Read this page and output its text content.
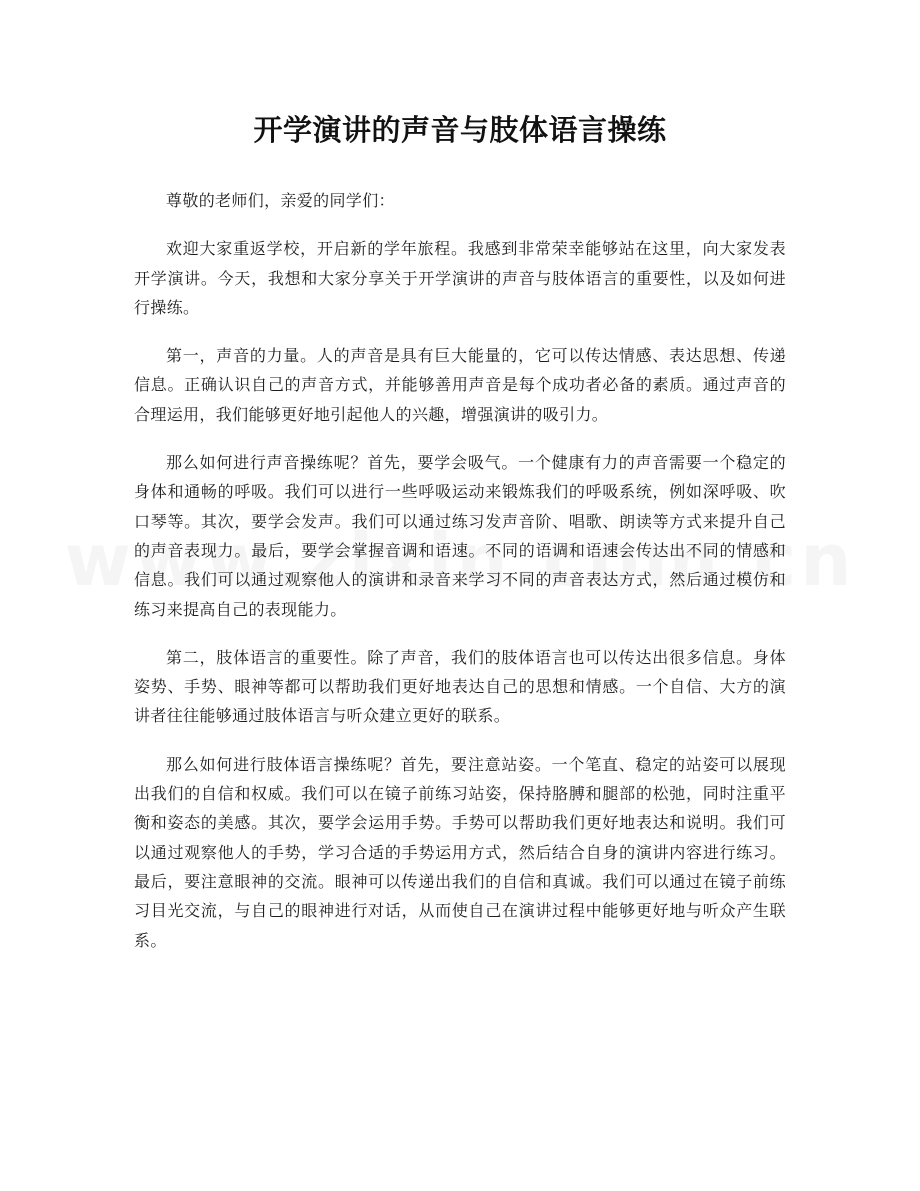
开学演讲的声音与肢体语言操练

尊敬的老师们，亲爱的同学们：

欢迎大家重返学校，开启新的学年旅程。我感到非常荣幸能够站在这里，向大家发表开学演讲。今天，我想和大家分享关于开学演讲的声音与肢体语言的重要性，以及如何进行操练。

第一，声音的力量。人的声音是具有巨大能量的，它可以传达情感、表达思想、传递信息。正确认识自己的声音方式，并能够善用声音是每个成功者必备的素质。通过声音的合理运用，我们能够更好地引起他人的兴趣，增强演讲的吸引力。

那么如何进行声音操练呢？首先，要学会吸气。一个健康有力的声音需要一个稳定的身体和通畅的呼吸。我们可以进行一些呼吸运动来锻炼我们的呼吸系统，例如深呼吸、吹口琴等。其次，要学会发声。我们可以通过练习发声音阶、唱歌、朗读等方式来提升自己的声音表现力。最后，要学会掌握音调和语速。不同的语调和语速会传达出不同的情感和信息。我们可以通过观察他人的演讲和录音来学习不同的声音表达方式，然后通过模仿和练习来提高自己的表现能力。

第二，肢体语言的重要性。除了声音，我们的肢体语言也可以传达出很多信息。身体姿势、手势、眼神等都可以帮助我们更好地表达自己的思想和情感。一个自信、大方的演讲者往往能够通过肢体语言与听众建立更好的联系。

那么如何进行肢体语言操练呢？首先，要注意站姿。一个笔直、稳定的站姿可以展现出我们的自信和权威。我们可以在镜子前练习站姿，保持胳膊和腿部的松弛，同时注重平衡和姿态的美感。其次，要学会运用手势。手势可以帮助我们更好地表达和说明。我们可以通过观察他人的手势，学习合适的手势运用方式，然后结合自身的演讲内容进行练习。最后，要注意眼神的交流。眼神可以传递出我们的自信和真诚。我们可以通过在镜子前练习目光交流，与自己的眼神进行对话，从而使自己在演讲过程中能够更好地与听众产生联系。
